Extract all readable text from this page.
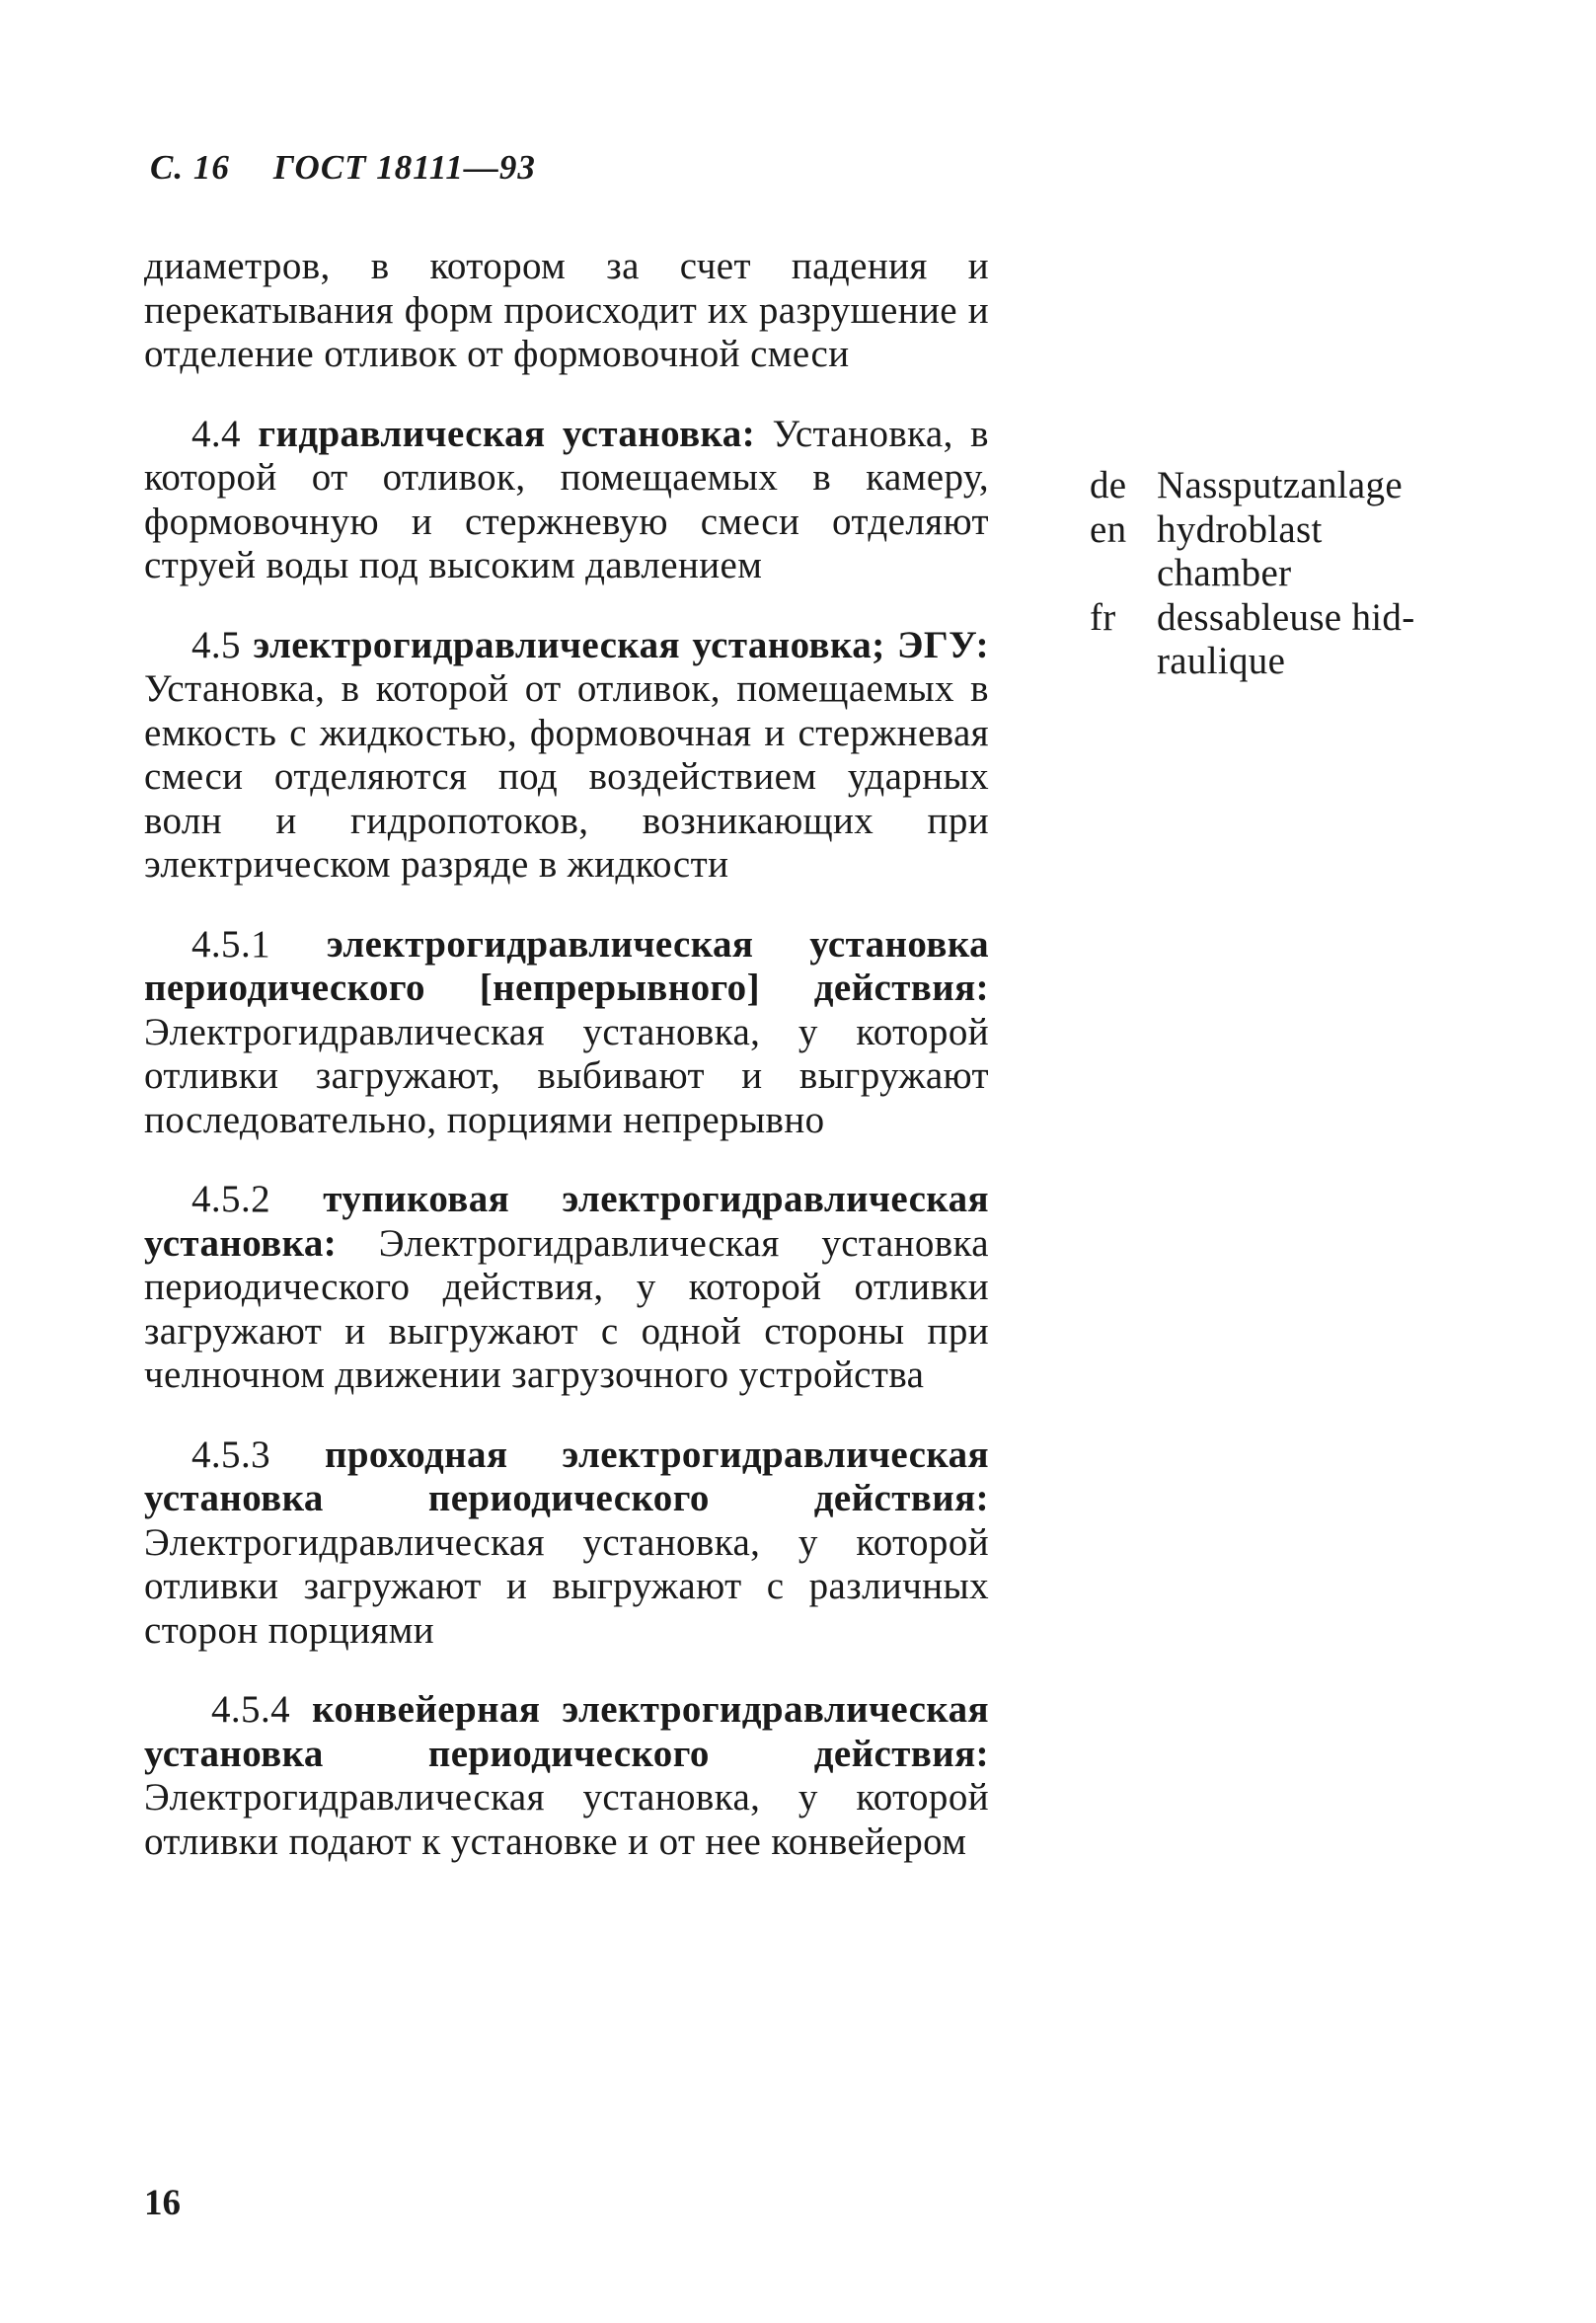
С. 16 ГОСТ 18111—93

диаметров, в котором за счет падения и перекатывания форм происходит их разрушение и отделение отливок от формовочной смеси

4.4 гидравлическая установка: Установка, в которой от отливок, помещаемых в камеру, формовочную и стержневую смеси отделяют струей воды под высоким давлением

4.5 электрогидравлическая установка; ЭГУ: Установка, в которой от отливок, помещаемых в емкость с жидкостью, формовочная и стержневая смеси отделяются под воздействием ударных волн и гидропотоков, возникающих при электрическом разряде в жидкости

4.5.1 электрогидравлическая установка периодического [непрерывного] действия: Электрогидравлическая установка, у которой отливки загружают, выбивают и выгружают последовательно, порциями непрерывно

4.5.2 тупиковая электрогидравлическая установка: Электрогидравлическая установка периодического действия, у которой отливки загружают и выгружают с одной стороны при челночном движении загрузочного устройства

4.5.3 проходная электрогидравлическая установка периодического действия: Электрогидравлическая установка, у которой отливки загружают и выгружают с различных сторон порциями

4.5.4 конвейерная электрогидравлическая установка периодического действия: Электрогидравлическая установка, у которой отливки подают к установке и от нее конвейером

de Nassputzanlage
en hydroblast
chamber
fr dessableuse hid-
raulique
16
